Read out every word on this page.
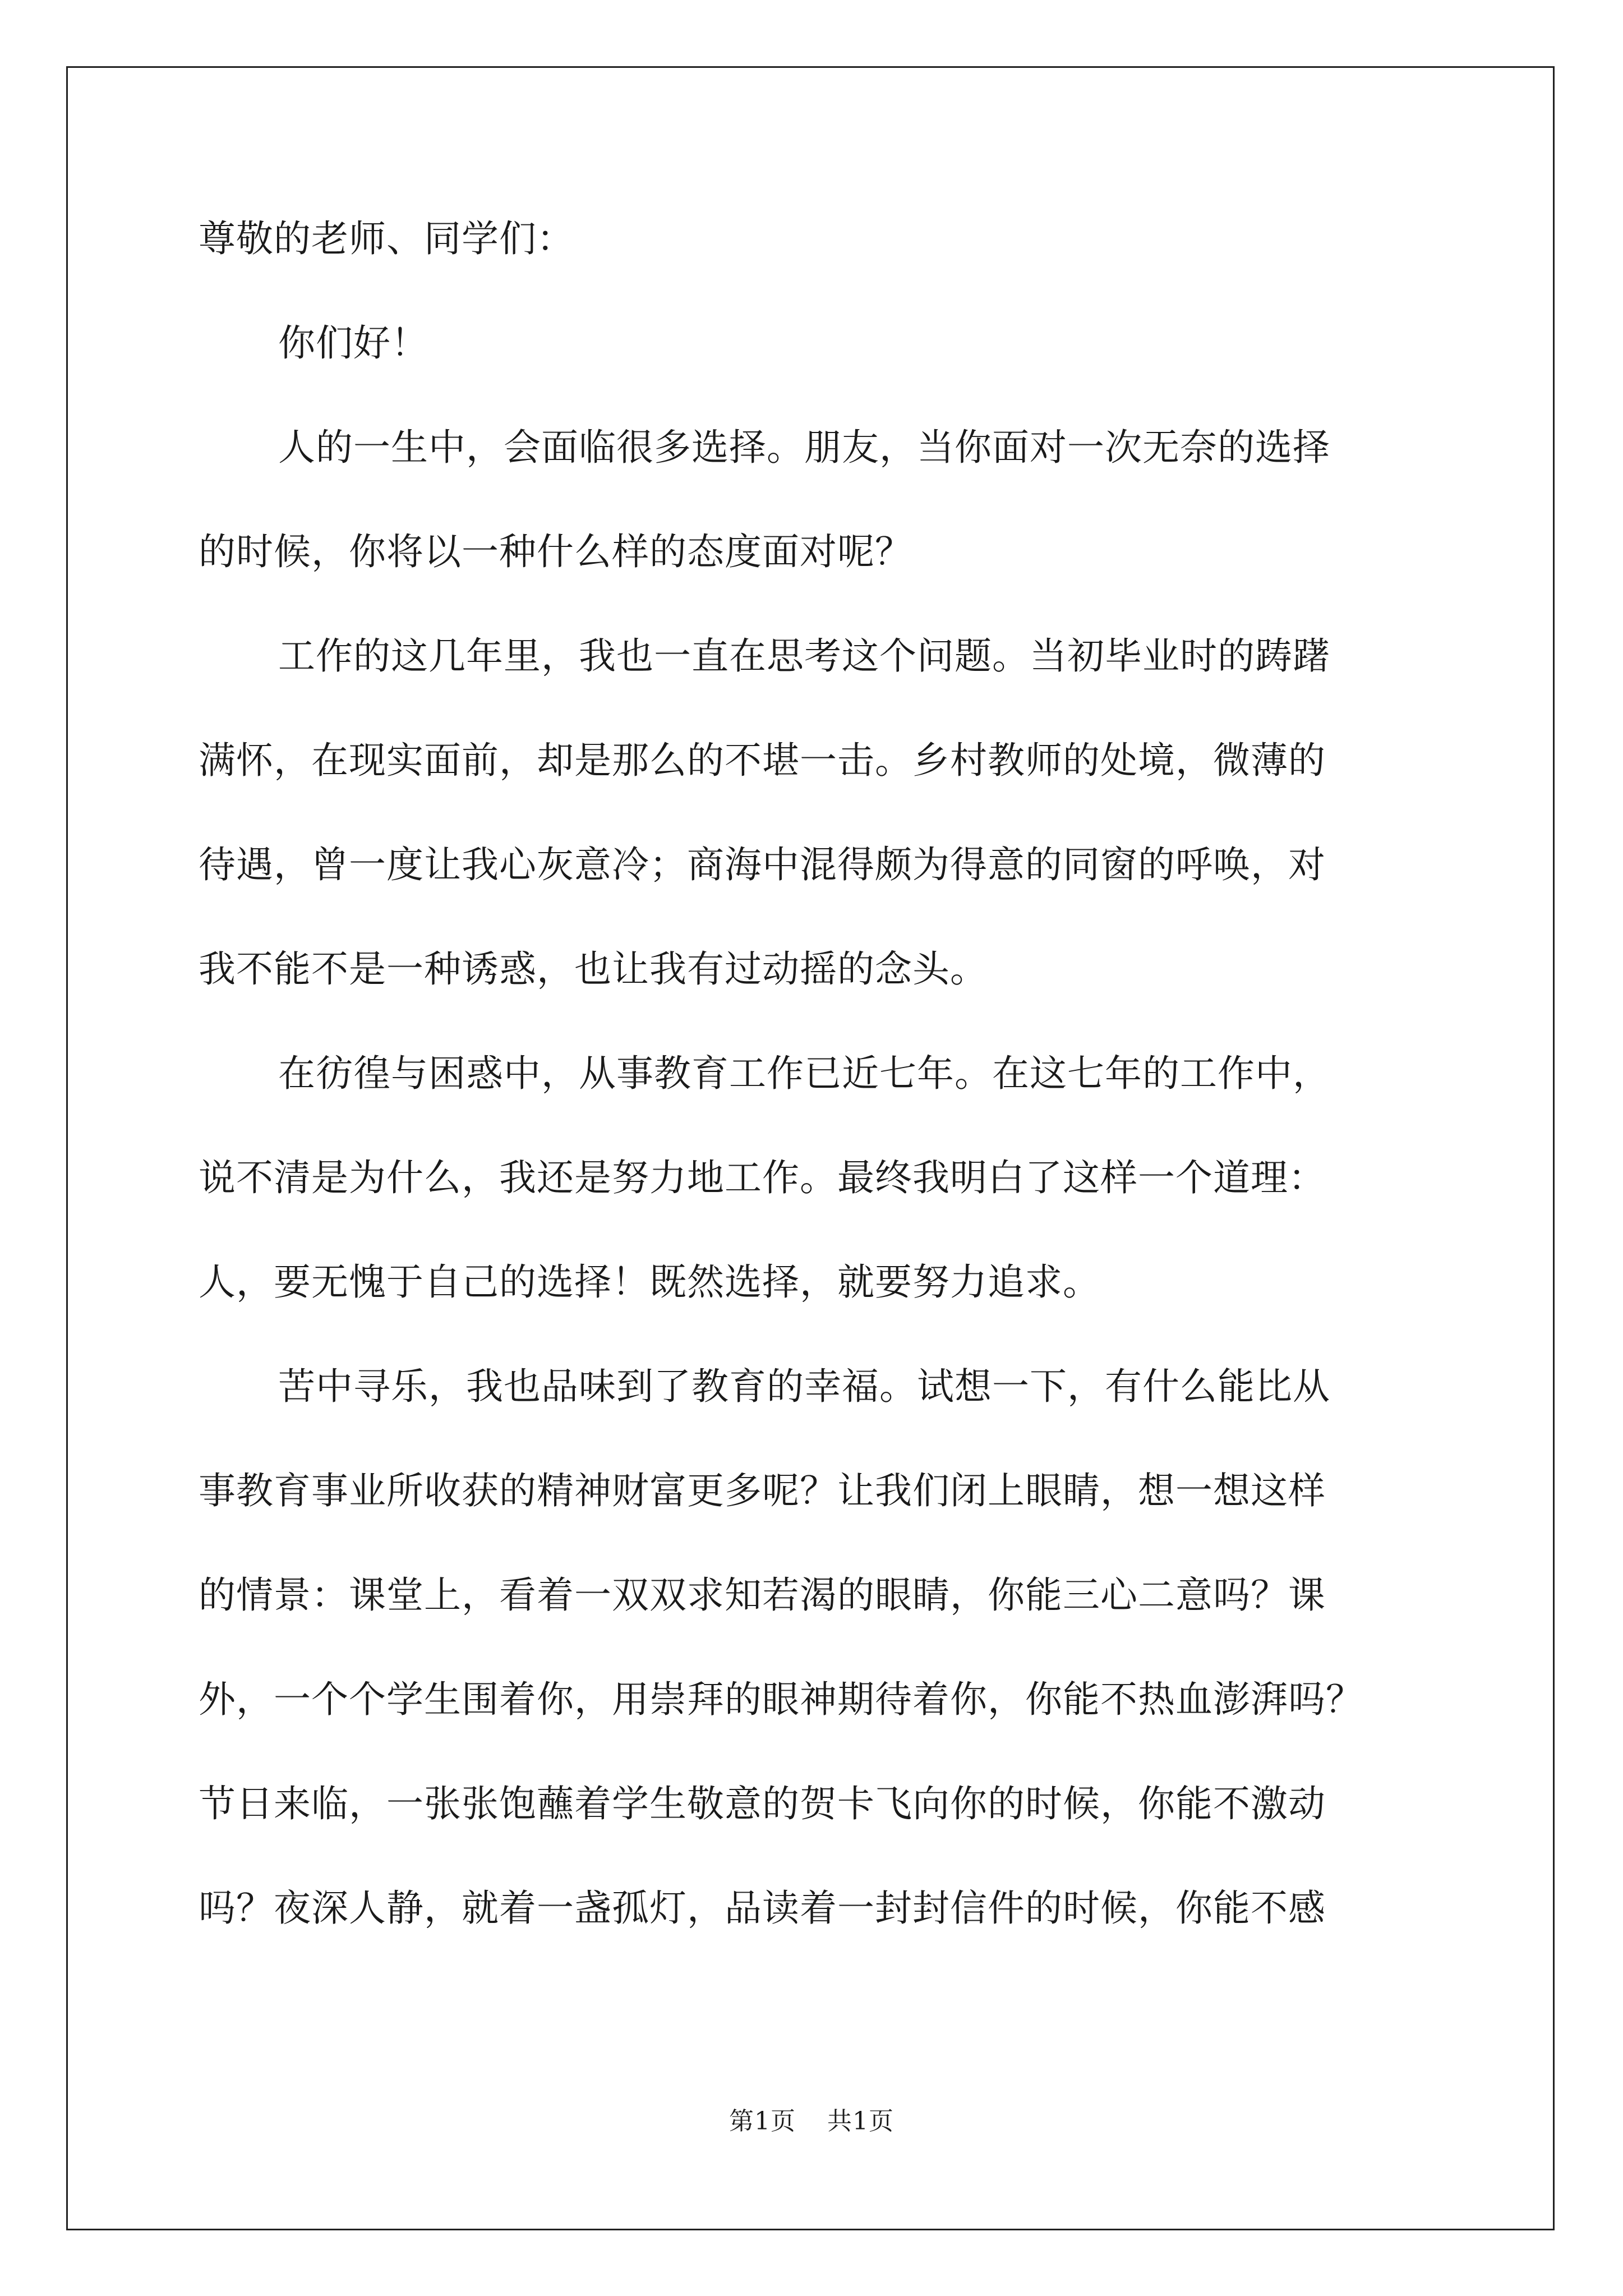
尊敬的老师、同学们：
你们好！
人的一生中，会面临很多选择。朋友，当你面对一次无奈的选择
的时候，你将以一种什么样的态度面对呢？
工作的这几年里，我也一直在思考这个问题。当初毕业时的踌躇
满怀，在现实面前，却是那么的不堪一击。乡村教师的处境，微薄的
待遇，曾一度让我心灰意冷；商海中混得颇为得意的同窗的呼唤，对
我不能不是一种诱惑，也让我有过动摇的念头。
在彷徨与困惑中，从事教育工作已近七年。在这七年的工作中，
说不清是为什么，我还是努力地工作。最终我明白了这样一个道理：
人，要无愧于自己的选择！既然选择，就要努力追求。
苦中寻乐，我也品味到了教育的幸福。试想一下，有什么能比从
事教育事业所收获的精神财富更多呢？让我们闭上眼睛，想一想这样
的情景：课堂上，看着一双双求知若渴的眼睛，你能三心二意吗？课
外，一个个学生围着你，用崇拜的眼神期待着你，你能不热血澎湃吗？
节日来临，一张张饱蘸着学生敬意的贺卡飞向你的时候，你能不激动
吗？夜深人静，就着一盏孤灯，品读着一封封信件的时候，你能不感
第1页 共1页
